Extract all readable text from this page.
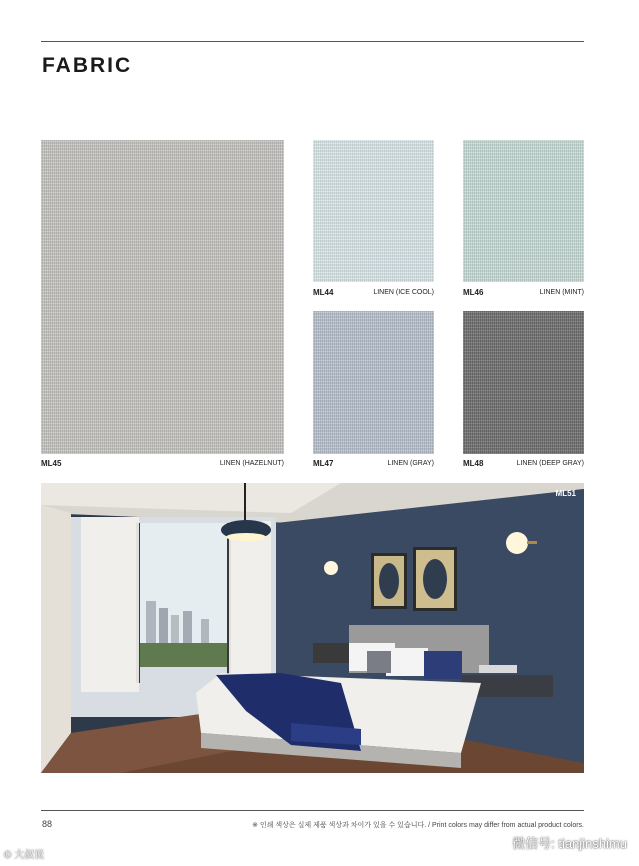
FABRIC
ML45	LINEN (HAZELNUT)
ML44	LINEN (ICE COOL)	ML46	LINEN (MINT)
ML47	LINEN (GRAY)	ML48	LINEN (DEEP GRAY)
ML51
88	※ 인쇄 색상은 실제 제품 색상과 차이가 있을 수 있습니다. / Print colors may differ from actual product colors.
© 大叔说
微信号: tianjinshimu
